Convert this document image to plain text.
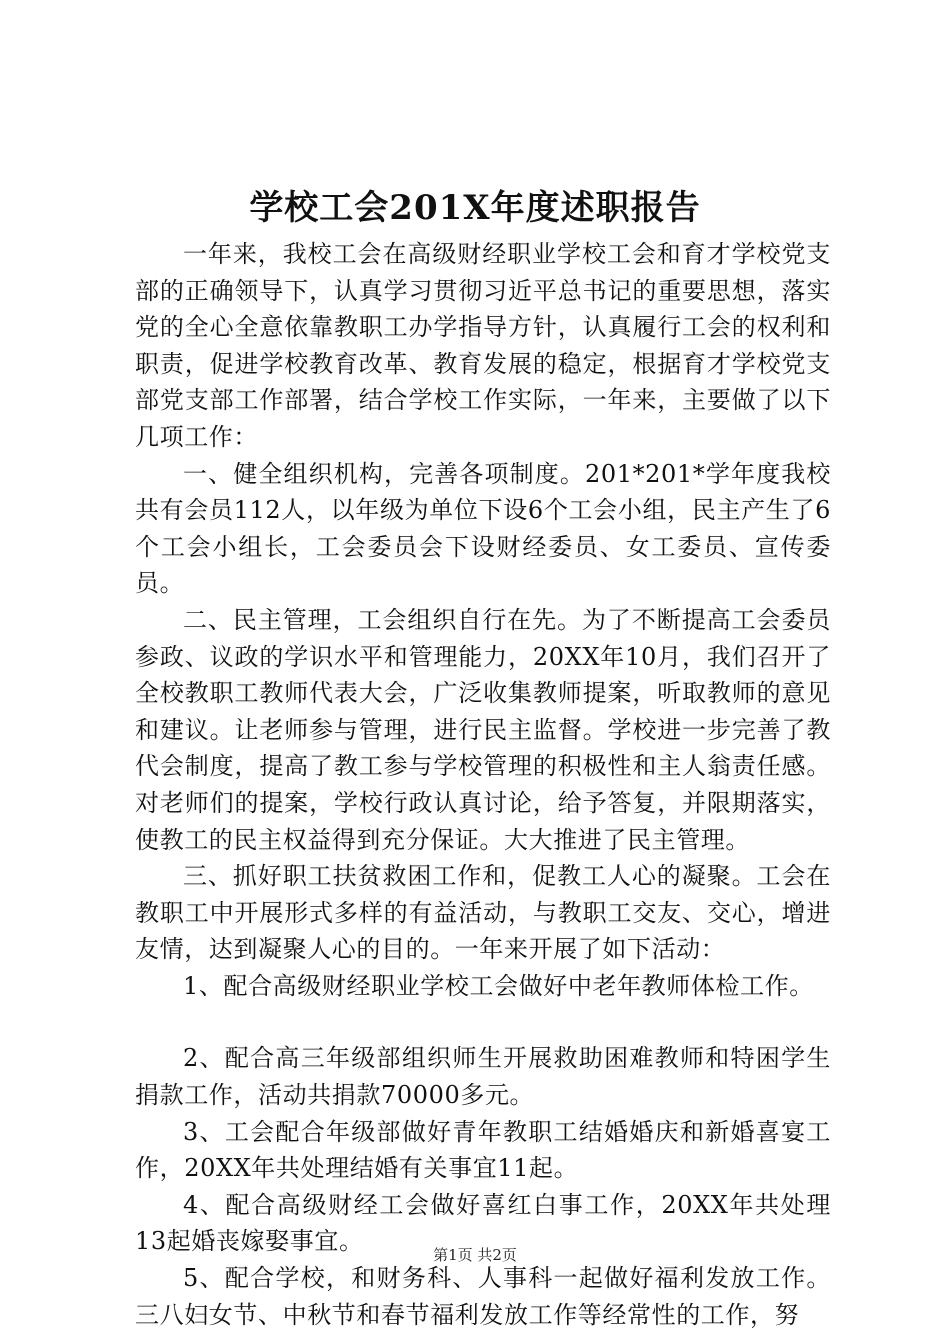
学校工会201X年度述职报告

一年来，我校工会在高级财经职业学校工会和育才学校党支部的正确领导下，认真学习贯彻习近平总书记的重要思想，落实党的全心全意依靠教职工办学指导方针，认真履行工会的权利和职责，促进学校教育改革、教育发展的稳定，根据育才学校党支部党支部工作部署，结合学校工作实际，一年来，主要做了以下几项工作：

一、健全组织机构，完善各项制度。201*201*学年度我校共有会员112人，以年级为单位下设6个工会小组，民主产生了6个工会小组长，工会委员会下设财经委员、女工委员、宣传委员。

二、民主管理，工会组织自行在先。为了不断提高工会委员参政、议政的学识水平和管理能力，20XX年10月，我们召开了全校教职工教师代表大会，广泛收集教师提案，听取教师的意见和建议。让老师参与管理，进行民主监督。学校进一步完善了教代会制度，提高了教工参与学校管理的积极性和主人翁责任感。对老师们的提案，学校行政认真讨论，给予答复，并限期落实，使教工的民主权益得到充分保证。大大推进了民主管理。

三、抓好职工扶贫救困工作和，促教工人心的凝聚。工会在教职工中开展形式多样的有益活动，与教职工交友、交心，增进友情，达到凝聚人心的目的。一年来开展了如下活动：

1、配合高级财经职业学校工会做好中老年教师体检工作。

2、配合高三年级部组织师生开展救助困难教师和特困学生捐款工作，活动共捐款70000多元。

3、工会配合年级部做好青年教职工结婚婚庆和新婚喜宴工作，20XX年共处理结婚有关事宜11起。

4、配合高级财经工会做好喜红白事工作，20XX年共处理13起婚丧嫁娶事宜。

5、配合学校，和财务科、人事科一起做好福利发放工作。三八妇女节、中秋节和春节福利发放工作等经常性的工作，努

第1页 共2页
